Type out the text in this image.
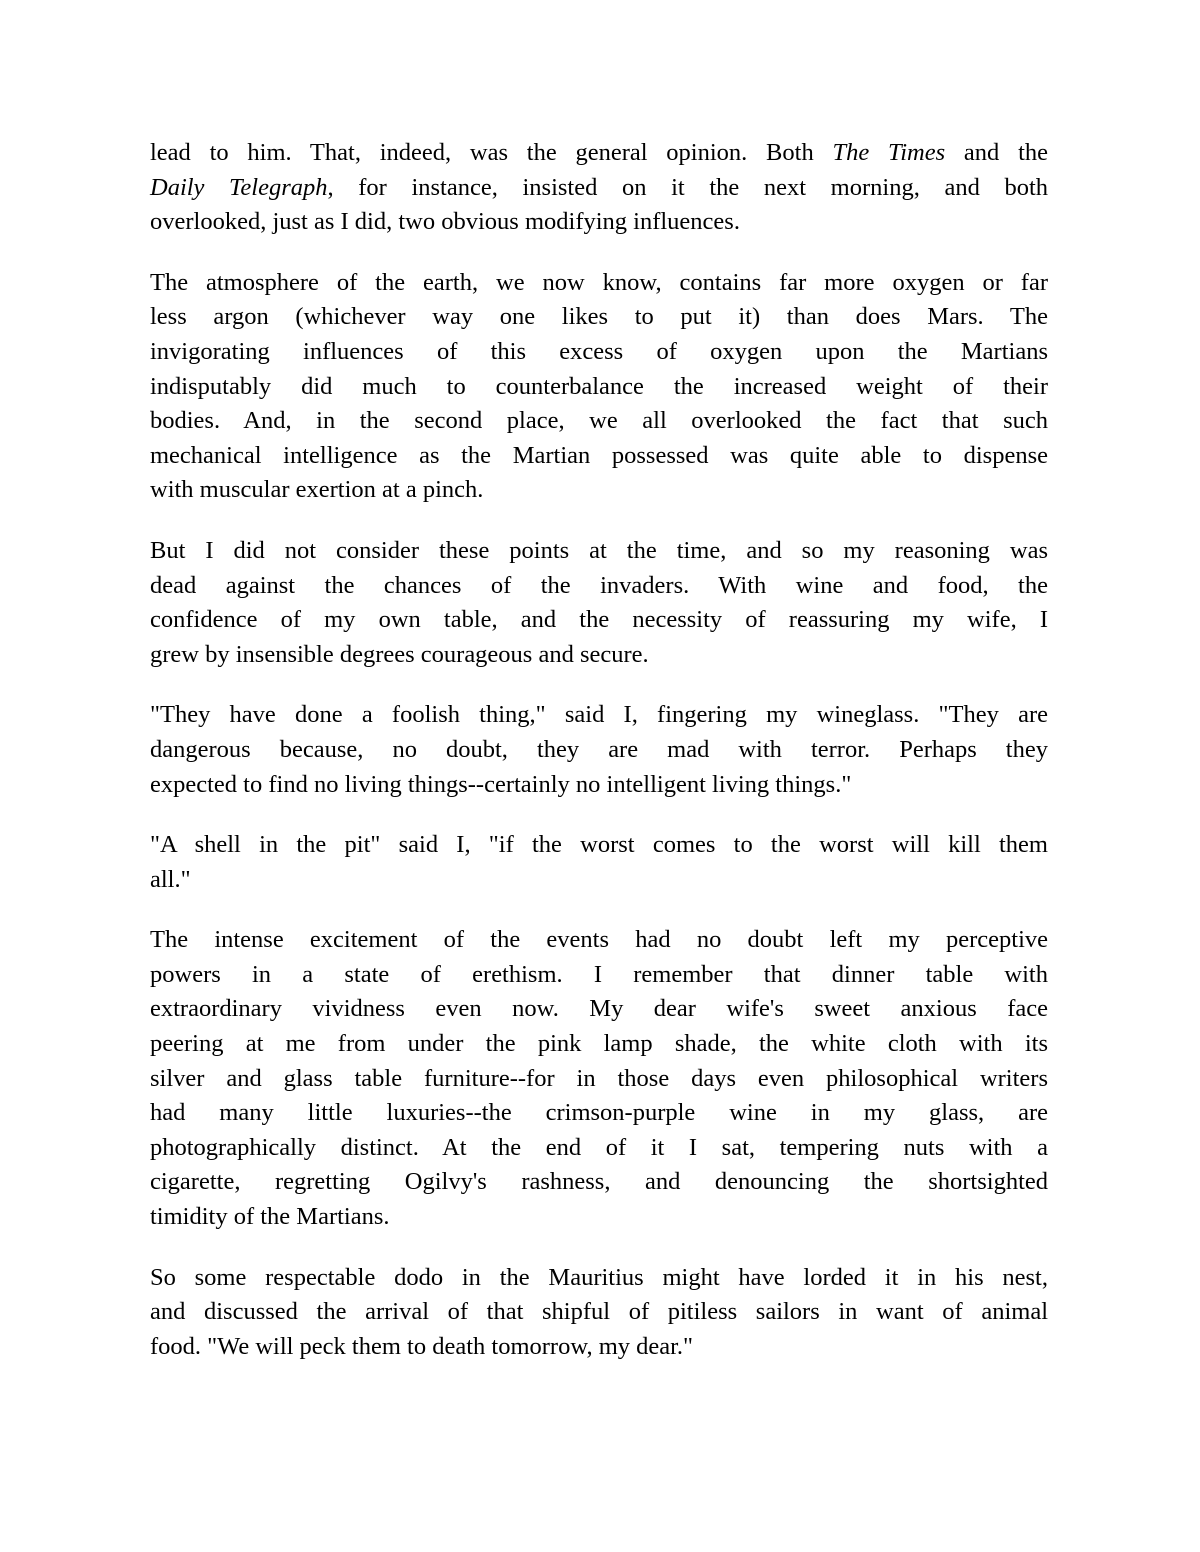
lead to him. That, indeed, was the general opinion. Both The Times and the
Daily Telegraph, for instance, insisted on it the next morning, and both
overlooked, just as I did, two obvious modifying influences.
The atmosphere of the earth, we now know, contains far more oxygen or far
less argon (whichever way one likes to put it) than does Mars. The
invigorating influences of this excess of oxygen upon the Martians
indisputably did much to counterbalance the increased weight of their
bodies. And, in the second place, we all overlooked the fact that such
mechanical intelligence as the Martian possessed was quite able to dispense
with muscular exertion at a pinch.
But I did not consider these points at the time, and so my reasoning was
dead against the chances of the invaders. With wine and food, the
confidence of my own table, and the necessity of reassuring my wife, I
grew by insensible degrees courageous and secure.
"They have done a foolish thing," said I, fingering my wineglass. "They are
dangerous because, no doubt, they are mad with terror. Perhaps they
expected to find no living things--certainly no intelligent living things."
"A shell in the pit" said I, "if the worst comes to the worst will kill them
all."
The intense excitement of the events had no doubt left my perceptive
powers in a state of erethism. I remember that dinner table with
extraordinary vividness even now. My dear wife's sweet anxious face
peering at me from under the pink lamp shade, the white cloth with its
silver and glass table furniture--for in those days even philosophical writers
had many little luxuries--the crimson-purple wine in my glass, are
photographically distinct. At the end of it I sat, tempering nuts with a
cigarette, regretting Ogilvy's rashness, and denouncing the shortsighted
timidity of the Martians.
So some respectable dodo in the Mauritius might have lorded it in his nest,
and discussed the arrival of that shipful of pitiless sailors in want of animal
food. "We will peck them to death tomorrow, my dear."
